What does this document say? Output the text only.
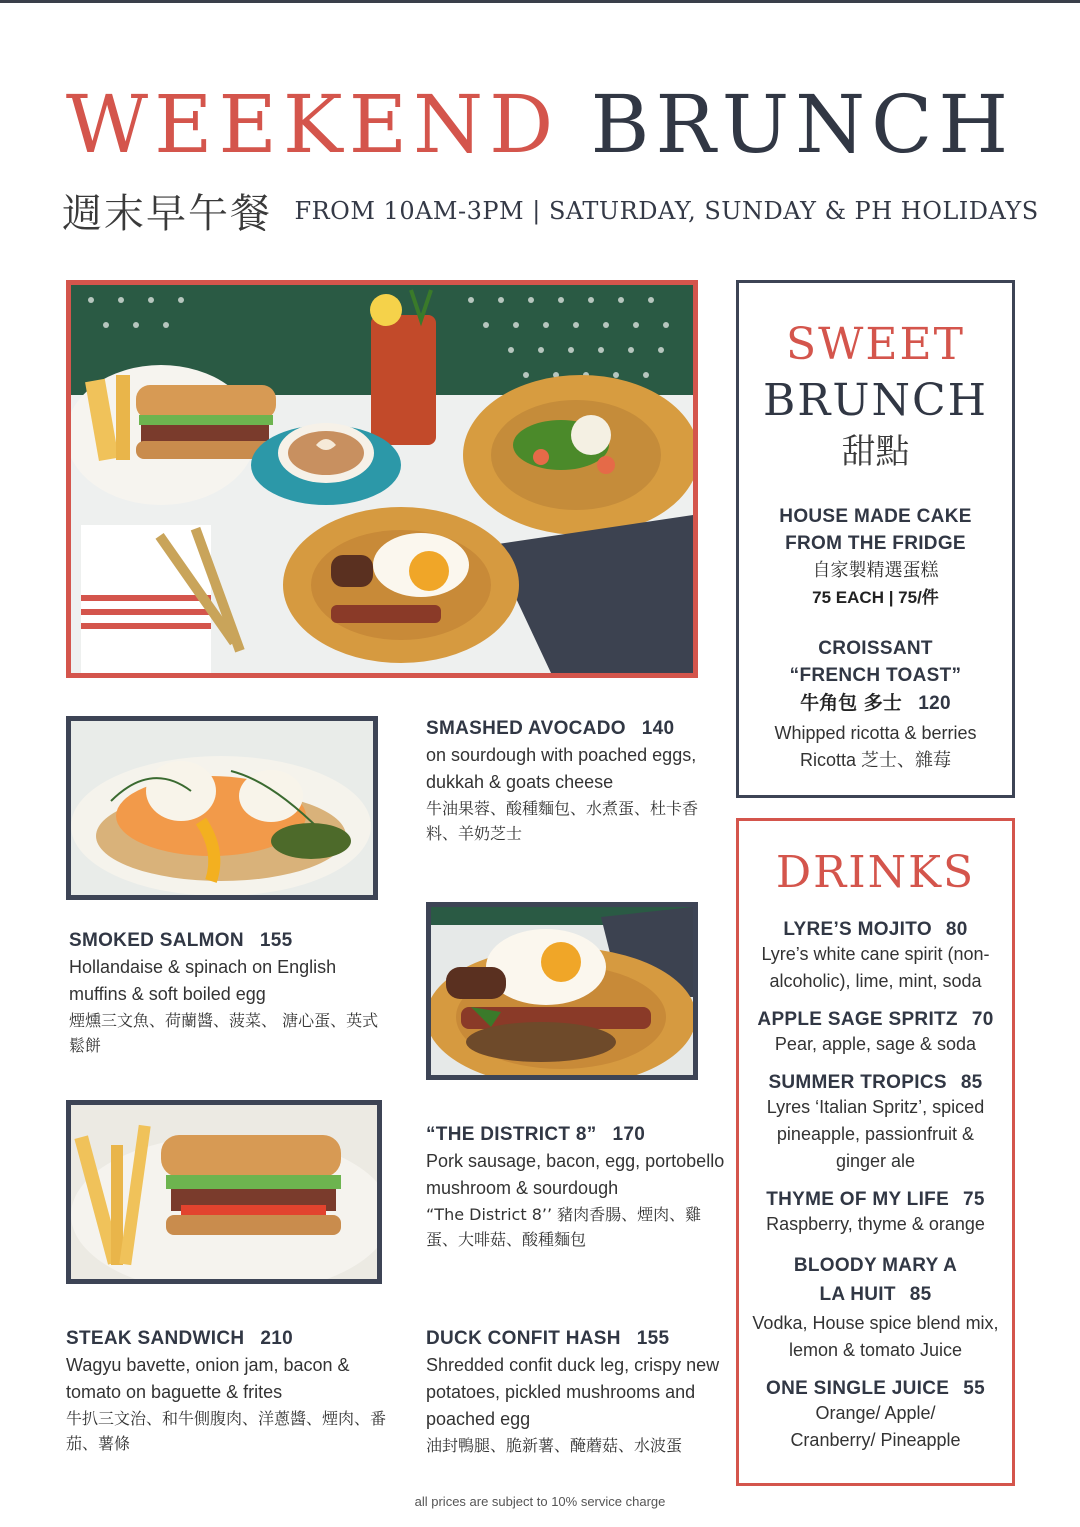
WEEKEND BRUNCH
週末早午餐 FROM 10AM-3PM | SATURDAY, SUNDAY & PH HOLIDAYS
SWEET
BRUNCH
甜點
HOUSE MADE CAKE
FROM THE FRIDGE
自家製精選蛋糕
75 EACH | 75/件
CROISSANT
“FRENCH TOAST”
牛角包 多士 120
Whipped ricotta & berries
Ricotta 芝士、雜莓
SMASHED AVOCADO 140
on sourdough with poached eggs, dukkah & goats cheese
牛油果蓉、酸種麵包、水煮蛋、杜卡香料、羊奶芝士
SMOKED SALMON 155
Hollandaise & spinach on English muffins & soft boiled egg
煙燻三文魚、荷蘭醬、菠菜、 溏心蛋、英式鬆餅
“THE DISTRICT 8” 170
Pork sausage, bacon, egg, portobello mushroom & sourdough
“The District 8’’ 豬肉香腸、煙肉、雞蛋、大啡菇、酸種麵包
STEAK SANDWICH 210
Wagyu bavette, onion jam, bacon & tomato on baguette & frites
牛扒三文治、和牛側腹肉、洋蔥醬、煙肉、番茄、薯條
DUCK CONFIT HASH 155
Shredded confit duck leg, crispy new potatoes, pickled mushrooms and poached egg
油封鴨腿、脆新薯、醃蘑菇、水波蛋
DRINKS
LYRE’S MOJITO 80
Lyre’s white cane spirit (non-alcoholic), lime, mint, soda
APPLE SAGE SPRITZ 70
Pear, apple, sage & soda
SUMMER TROPICS 85
Lyres ‘Italian Spritz’, spiced pineapple, passionfruit & ginger ale
THYME OF MY LIFE 75
Raspberry, thyme & orange
BLOODY MARY A LA HUIT 85
Vodka, House spice blend mix, lemon & tomato Juice
ONE SINGLE JUICE 55
Orange/ Apple/ Cranberry/ Pineapple
all prices are subject to 10% service charge
